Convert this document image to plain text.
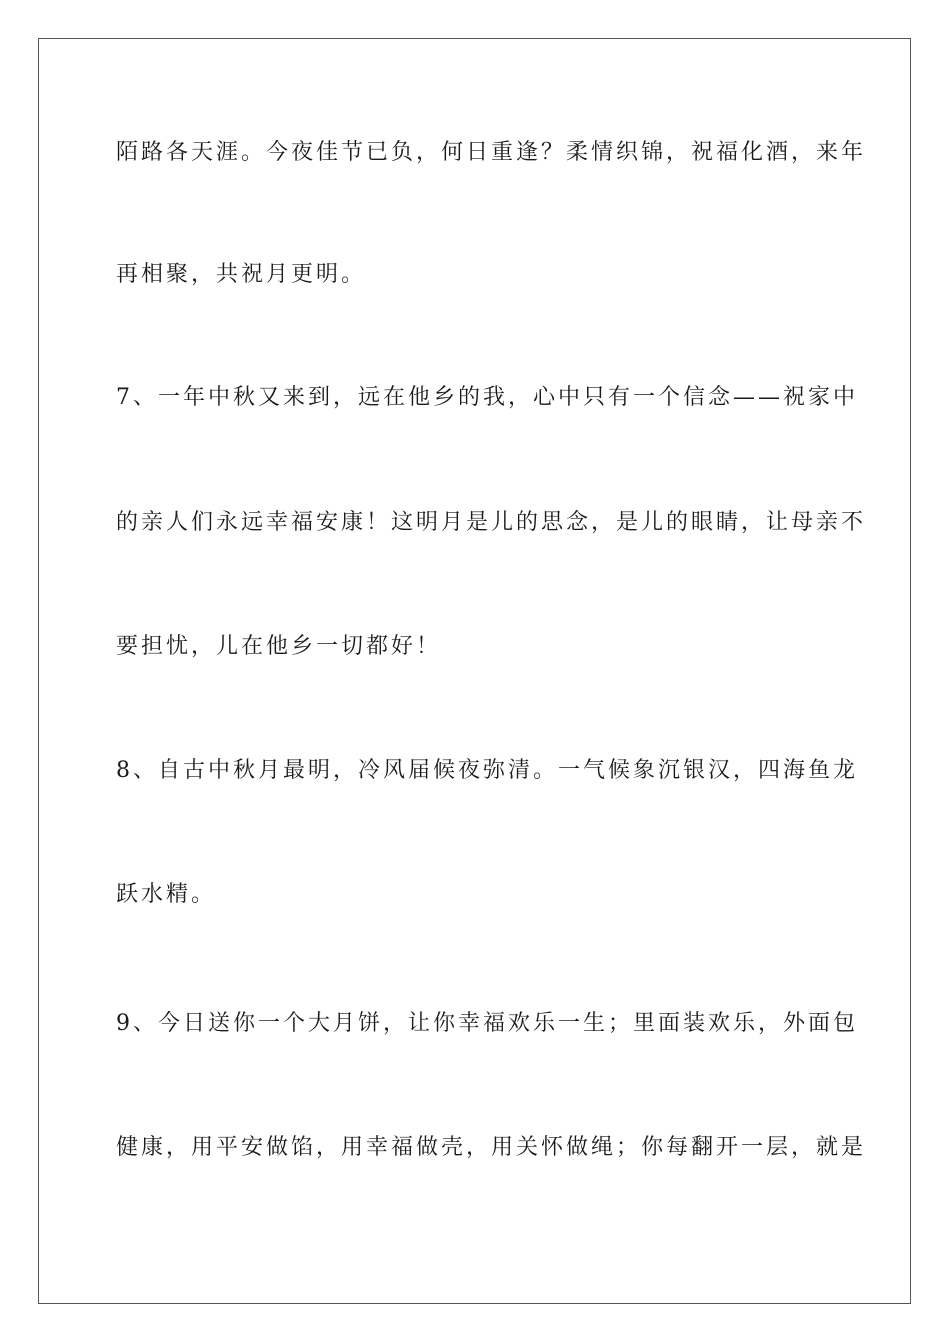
陌路各天涯。今夜佳节已负，何日重逢？柔情织锦，祝福化酒，来年
再相聚，共祝月更明。
7、一年中秋又来到，远在他乡的我，心中只有一个信念——祝家中
的亲人们永远幸福安康！这明月是儿的思念，是儿的眼睛，让母亲不
要担忧，儿在他乡一切都好！
8、自古中秋月最明，冷风届候夜弥清。一气候象沉银汉，四海鱼龙
跃水精。
9、今日送你一个大月饼，让你幸福欢乐一生；里面装欢乐，外面包
健康，用平安做馅，用幸福做壳，用关怀做绳；你每翻开一层，就是
